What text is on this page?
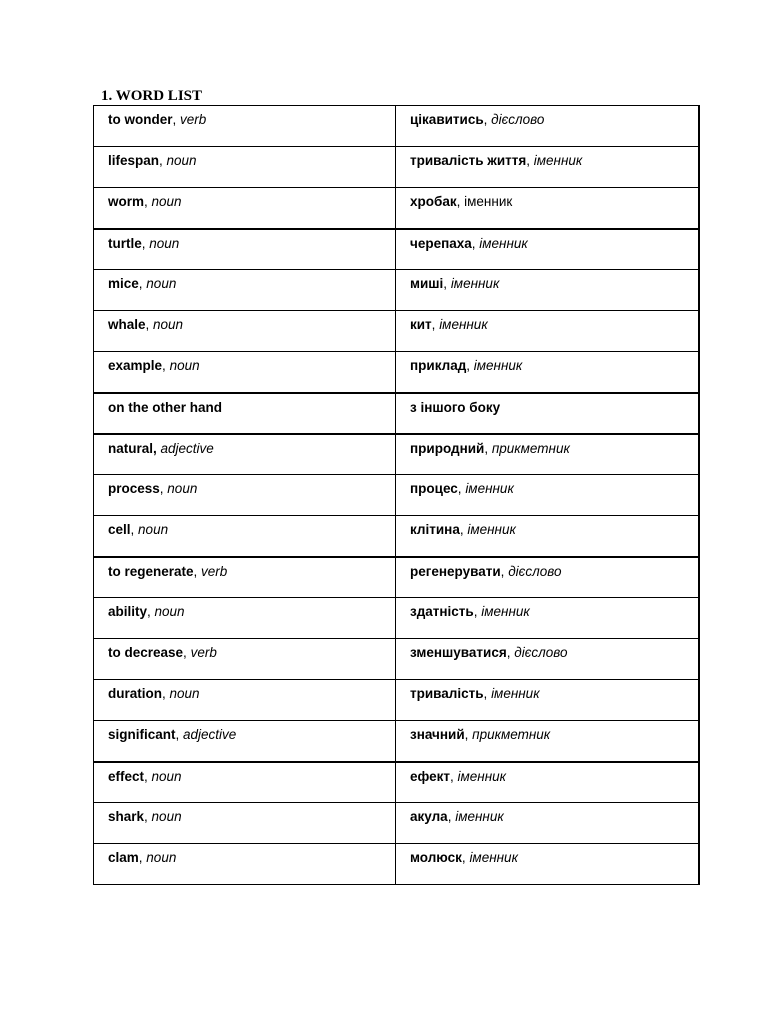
1. WORD LIST
to wonder, verb	цікавитись, дієслово
lifespan, noun	тривалість життя, іменник
worm, noun	хробак, іменник
turtle, noun	черепаха, іменник
mice, noun	миші, іменник
whale, noun	кит, іменник
example, noun	приклад, іменник
on the other hand	з іншого боку
natural, adjective	природний, прикметник
process, noun	процес, іменник
cell, noun	клітина, іменник
to regenerate, verb	регенерувати, дієслово
ability, noun	здатність, іменник
to decrease, verb	зменшуватися, дієслово
duration, noun	тривалість, іменник
significant, adjective	значний, прикметник
effect, noun	ефект, іменник
shark, noun	акула, іменник
clam, noun	молюск, іменник
